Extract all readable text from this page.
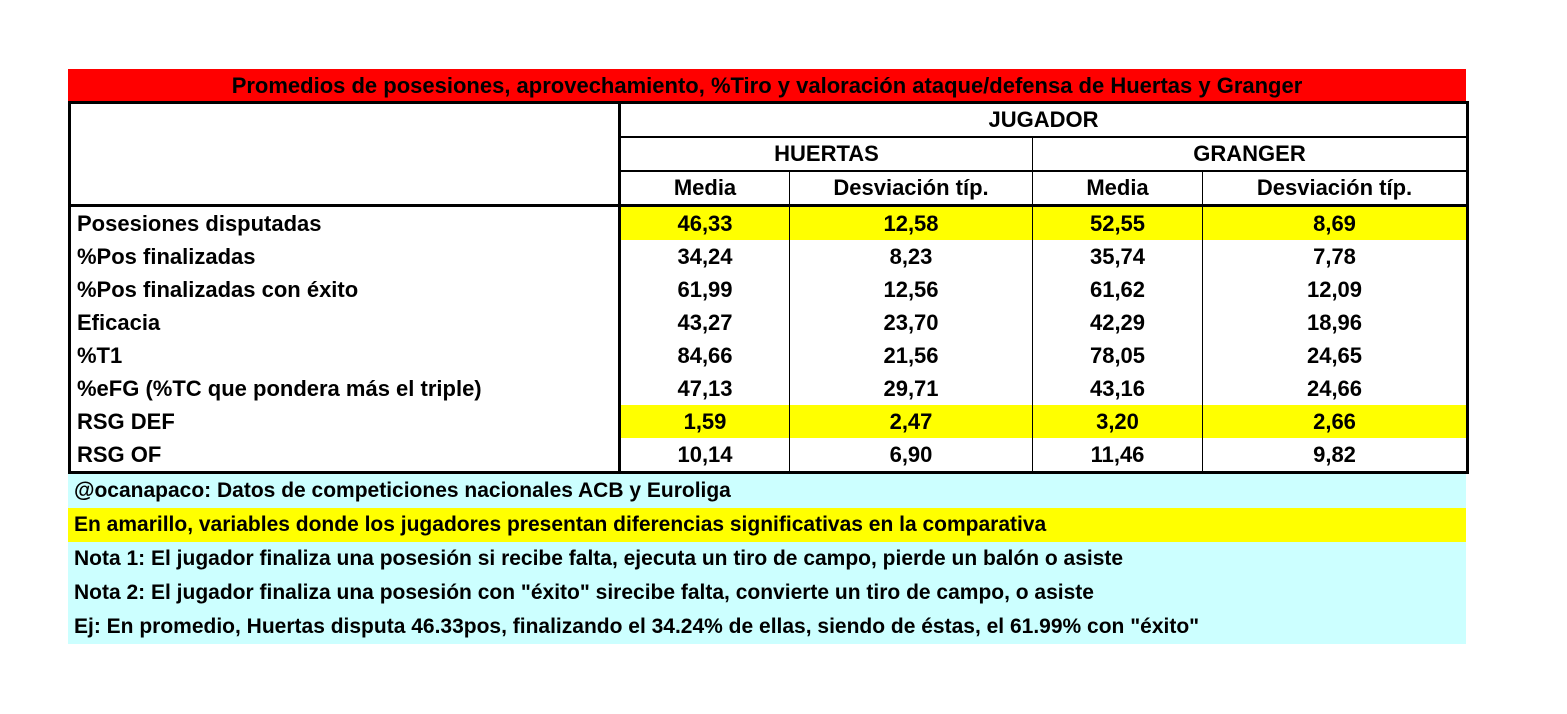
Promedios de posesiones, aprovechamiento, %Tiro y valoración ataque/defensa de Huertas y Granger
	JUGADOR			
	HUERTAS		GRANGER	
	Media	Desviación típ.	Media	Desviación típ.
Posesiones disputadas	46,33	12,58	52,55	8,69
%Pos finalizadas	34,24	8,23	35,74	7,78
%Pos finalizadas con éxito	61,99	12,56	61,62	12,09
Eficacia	43,27	23,70	42,29	18,96
%T1	84,66	21,56	78,05	24,65
%eFG (%TC que pondera más el triple)	47,13	29,71	43,16	24,66
RSG DEF	1,59	2,47	3,20	2,66
RSG OF	10,14	6,90	11,46	9,82
@ocanapaco: Datos de competiciones nacionales ACB y Euroliga
En amarillo, variables donde los jugadores presentan diferencias significativas en la comparativa
Nota 1: El jugador finaliza una posesión si recibe falta, ejecuta un tiro de campo, pierde un balón o asiste
Nota 2: El jugador finaliza una posesión con "éxito" sirecibe falta, convierte un tiro de campo, o asiste
Ej: En promedio, Huertas disputa 46.33pos, finalizando el 34.24% de ellas, siendo de éstas, el 61.99% con "éxito"
